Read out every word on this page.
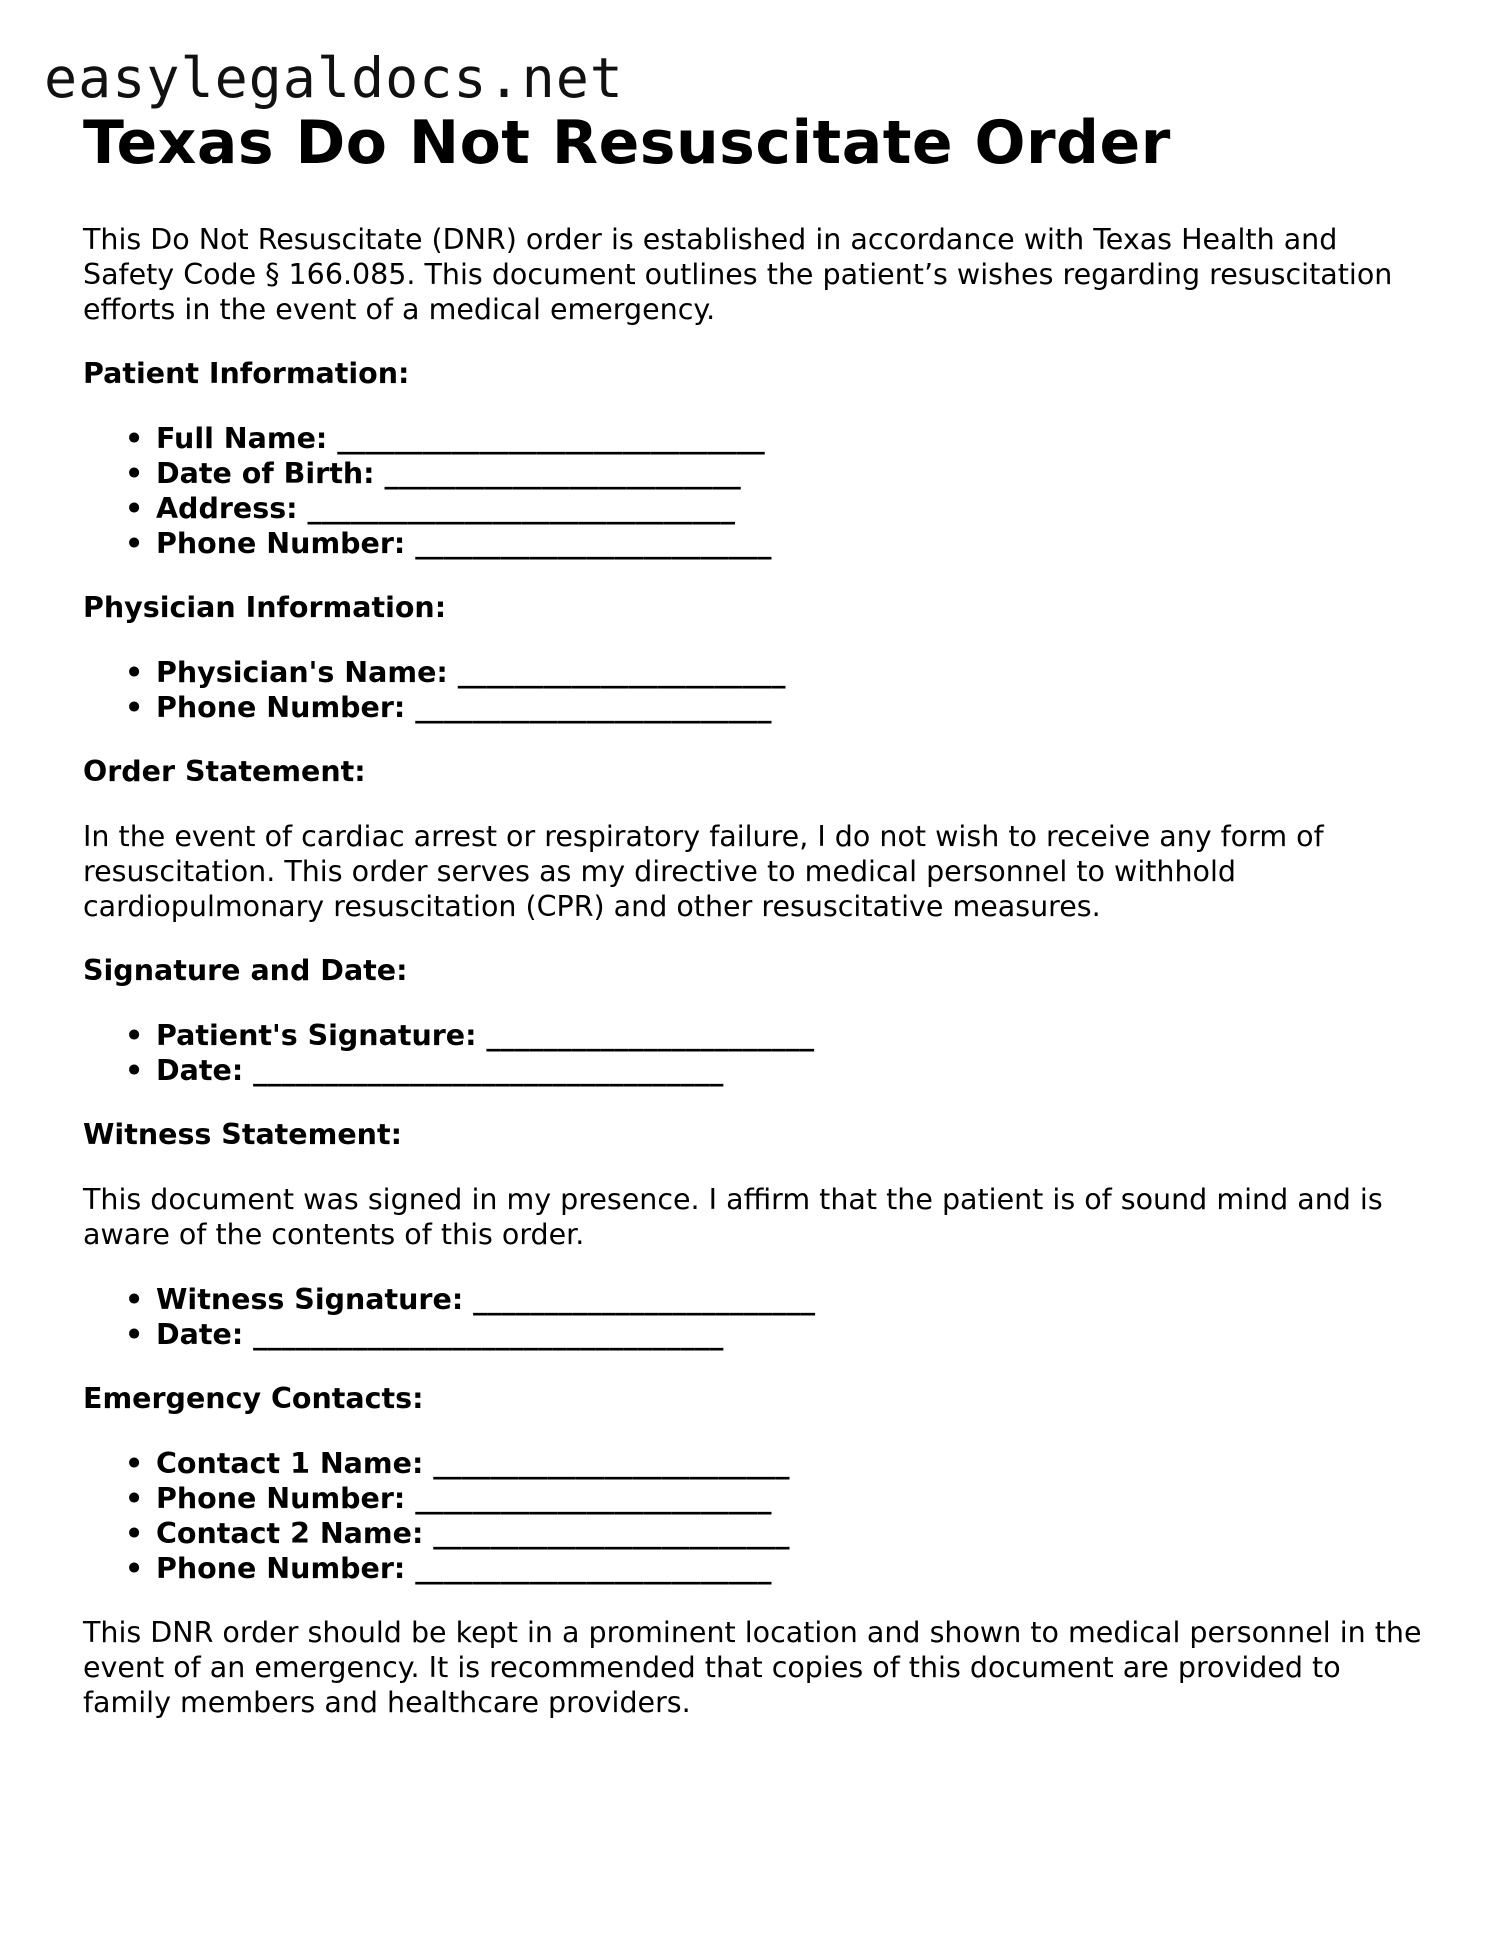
easylegaldocs.net
Texas Do Not Resuscitate Order

This Do Not Resuscitate (DNR) order is established in accordance with Texas Health and Safety Code § 166.085. This document outlines the patient’s wishes regarding resuscitation efforts in the event of a medical emergency.

Patient Information:

• Full Name: ______________________________
• Date of Birth: _________________________
• Address: ______________________________
• Phone Number: _________________________

Physician Information:

• Physician's Name: _______________________
• Phone Number: _________________________

Order Statement:

In the event of cardiac arrest or respiratory failure, I do not wish to receive any form of resuscitation. This order serves as my directive to medical personnel to withhold cardiopulmonary resuscitation (CPR) and other resuscitative measures.

Signature and Date:

• Patient's Signature: _______________________
• Date: _________________________________

Witness Statement:

This document was signed in my presence. I affirm that the patient is of sound mind and is aware of the contents of this order.

• Witness Signature: ________________________
• Date: _________________________________

Emergency Contacts:

• Contact 1 Name: _________________________
• Phone Number: _________________________
• Contact 2 Name: _________________________
• Phone Number: _________________________

This DNR order should be kept in a prominent location and shown to medical personnel in the event of an emergency. It is recommended that copies of this document are provided to family members and healthcare providers.
